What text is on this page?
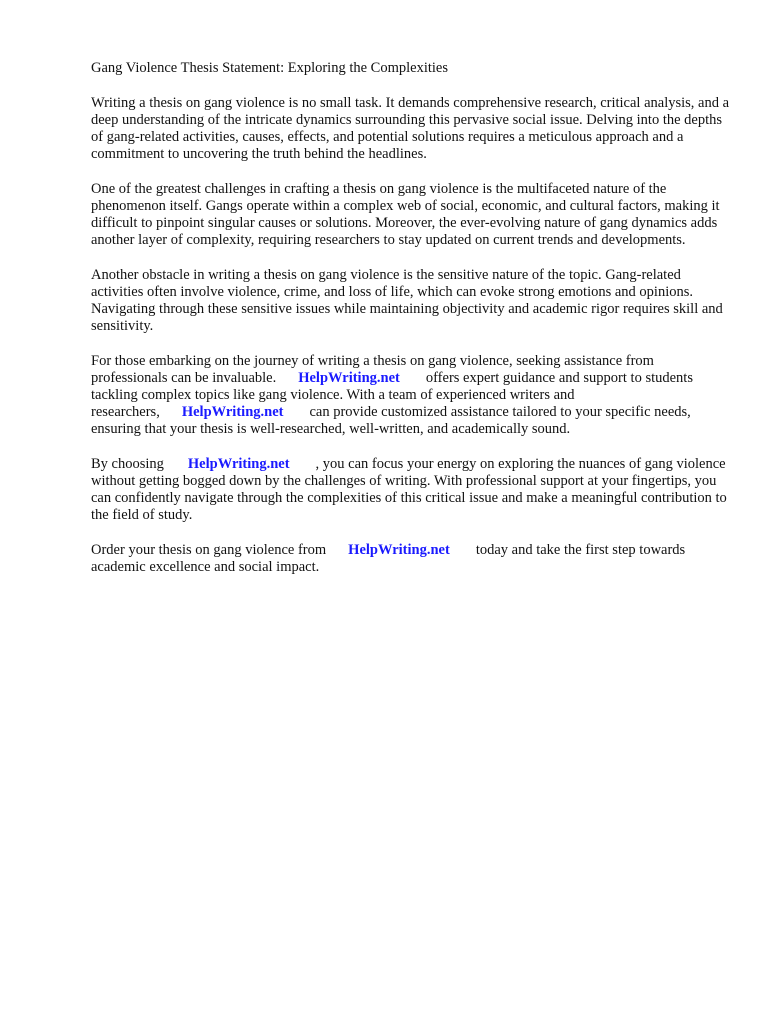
Gang Violence Thesis Statement: Exploring the Complexities

Writing a thesis on gang violence is no small task. It demands comprehensive research, critical analysis, and a deep understanding of the intricate dynamics surrounding this pervasive social issue. Delving into the depths of gang-related activities, causes, effects, and potential solutions requires a meticulous approach and a commitment to uncovering the truth behind the headlines.

One of the greatest challenges in crafting a thesis on gang violence is the multifaceted nature of the phenomenon itself. Gangs operate within a complex web of social, economic, and cultural factors, making it difficult to pinpoint singular causes or solutions. Moreover, the ever-evolving nature of gang dynamics adds another layer of complexity, requiring researchers to stay updated on current trends and developments.

Another obstacle in writing a thesis on gang violence is the sensitive nature of the topic. Gang-related activities often involve violence, crime, and loss of life, which can evoke strong emotions and opinions. Navigating through these sensitive issues while maintaining objectivity and academic rigor requires skill and sensitivity.

For those embarking on the journey of writing a thesis on gang violence, seeking assistance from professionals can be invaluable. HelpWriting.net offers expert guidance and support to students tackling complex topics like gang violence. With a team of experienced writers and researchers, HelpWriting.net can provide customized assistance tailored to your specific needs, ensuring that your thesis is well-researched, well-written, and academically sound.

By choosing HelpWriting.net , you can focus your energy on exploring the nuances of gang violence without getting bogged down by the challenges of writing. With professional support at your fingertips, you can confidently navigate through the complexities of this critical issue and make a meaningful contribution to the field of study.

Order your thesis on gang violence from HelpWriting.net today and take the first step towards academic excellence and social impact.
